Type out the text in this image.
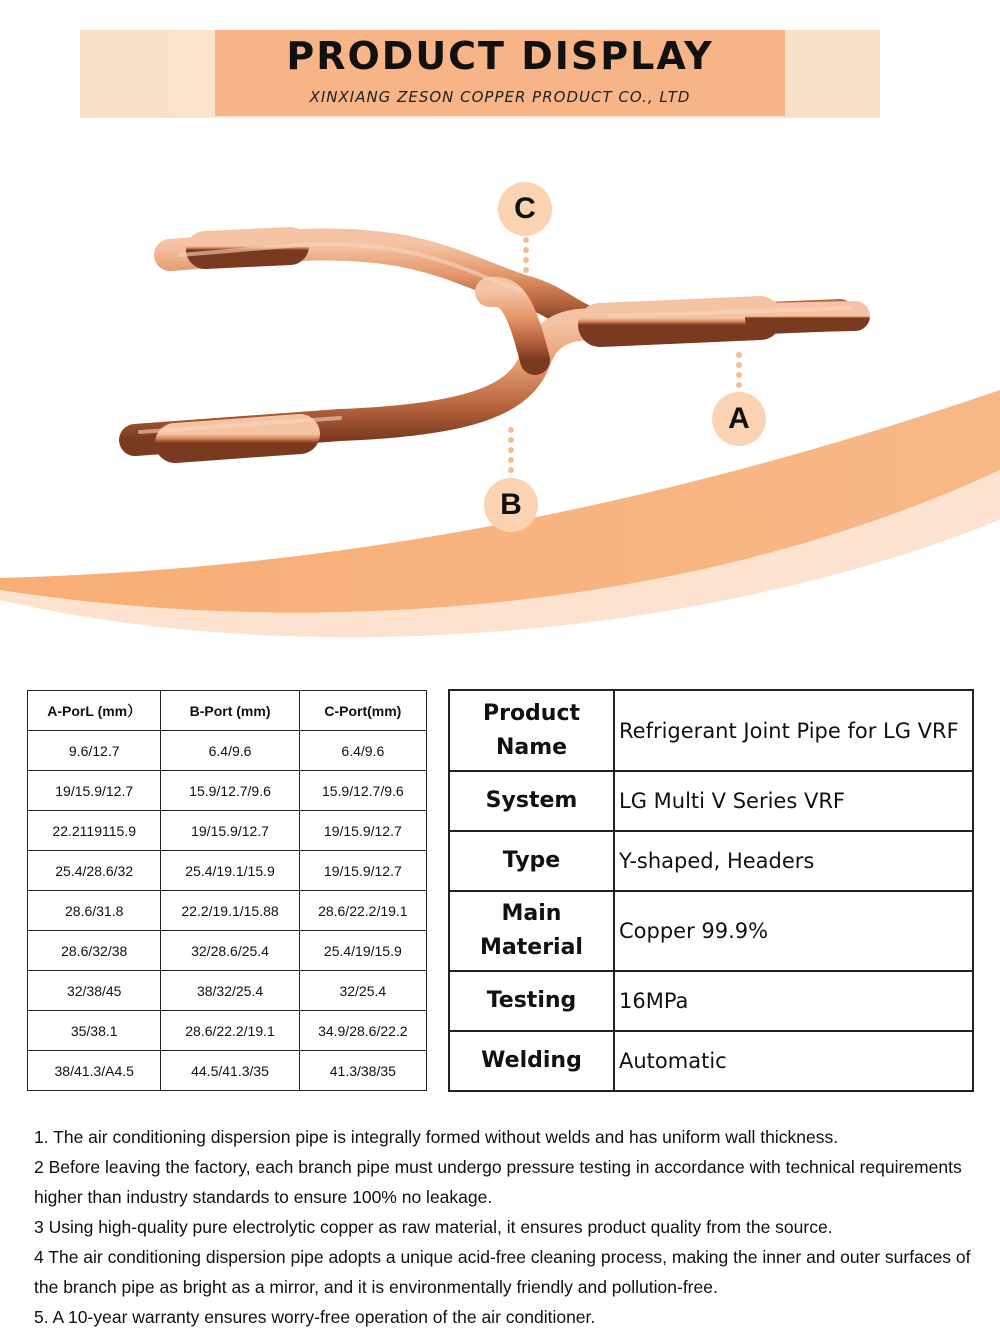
PRODUCT DISPLAY
XINXIANG ZESON COPPER PRODUCT CO., LTD
C
A
B
A-PorL (mm）	B-Port (mm)	C-Port(mm)
9.6/12.7	6.4/9.6	6.4/9.6
19/15.9/12.7	15.9/12.7/9.6	15.9/12.7/9.6
22.2119115.9	19/15.9/12.7	19/15.9/12.7
25.4/28.6/32	25.4/19.1/15.9	19/15.9/12.7
28.6/31.8	22.2/19.1/15.88	28.6/22.2/19.1
28.6/32/38	32/28.6/25.4	25.4/19/15.9
32/38/45	38/32/25.4	32/25.4
35/38.1	28.6/22.2/19.1	34.9/28.6/22.2
38/41.3/A4.5	44.5/41.3/35	41.3/38/35
Product
Name	Refrigerant Joint Pipe for LG VRF
System	LG Multi V Series VRF
Type	Y-shaped, Headers
Main
Material	Copper 99.9%
Testing	16MPa
Welding	Automatic

1. The air conditioning dispersion pipe is integrally formed without welds and has uniform wall thickness.

2 Before leaving the factory, each branch pipe must undergo pressure testing in accordance with technical requirements higher than industry standards to ensure 100% no leakage.

3 Using high-quality pure electrolytic copper as raw material, it ensures product quality from the source.

4 The air conditioning dispersion pipe adopts a unique acid-free cleaning process, making the inner and outer surfaces of the branch pipe as bright as a mirror, and it is environmentally friendly and pollution-free.

5. A 10-year warranty ensures worry-free operation of the air conditioner.
